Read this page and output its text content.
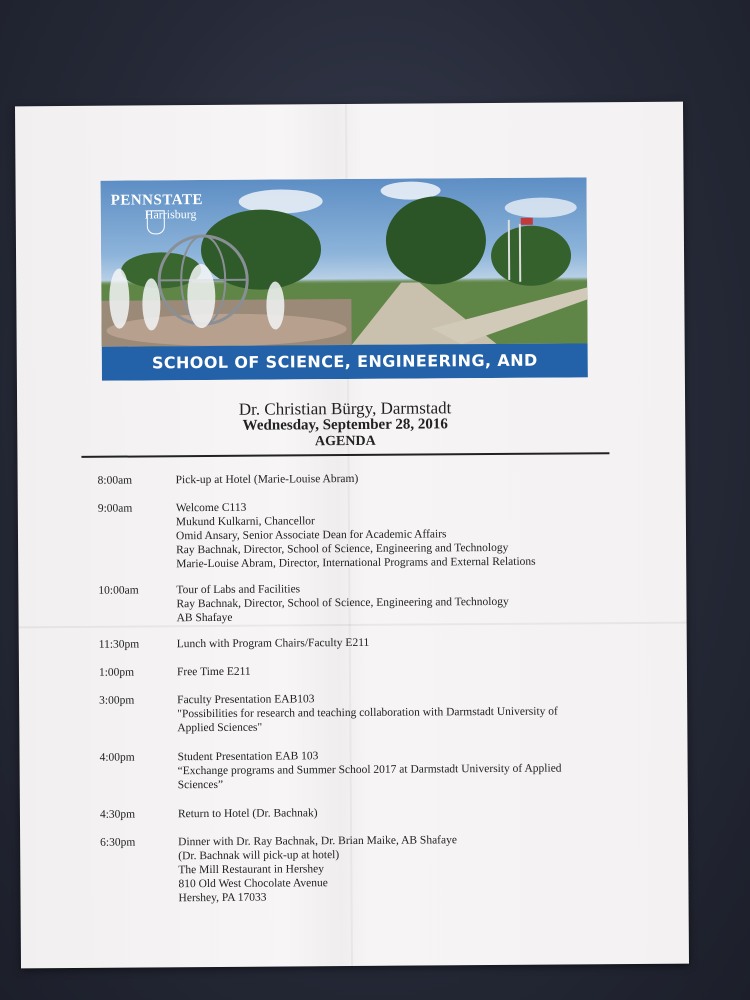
PENNSTATE
Harrisburg
SCHOOL OF SCIENCE, ENGINEERING, AND
Dr. Christian Bürgy, Darmstadt
Wednesday, September 28, 2016
AGENDA
8:00am	Pick-up at Hotel (Marie-Louise Abram)
9:00am	Welcome C113
Mukund Kulkarni, Chancellor
Omid Ansary, Senior Associate Dean for Academic Affairs
Ray Bachnak, Director, School of Science, Engineering and Technology
Marie-Louise Abram, Director, International Programs and External Relations
10:00am	Tour of Labs and Facilities
Ray Bachnak, Director, School of Science, Engineering and Technology
AB Shafaye
11:30pm	Lunch with Program Chairs/Faculty E211
1:00pm	Free Time E211
3:00pm	Faculty Presentation EAB103
"Possibilities for research and teaching collaboration with Darmstadt University of
Applied Sciences"
4:00pm	Student Presentation EAB 103
“Exchange programs and Summer School 2017 at Darmstadt University of Applied
Sciences”
4:30pm	Return to Hotel (Dr. Bachnak)
6:30pm	Dinner with Dr. Ray Bachnak, Dr. Brian Maike, AB Shafaye
(Dr. Bachnak will pick-up at hotel)
The Mill Restaurant in Hershey
810 Old West Chocolate Avenue
Hershey, PA 17033
